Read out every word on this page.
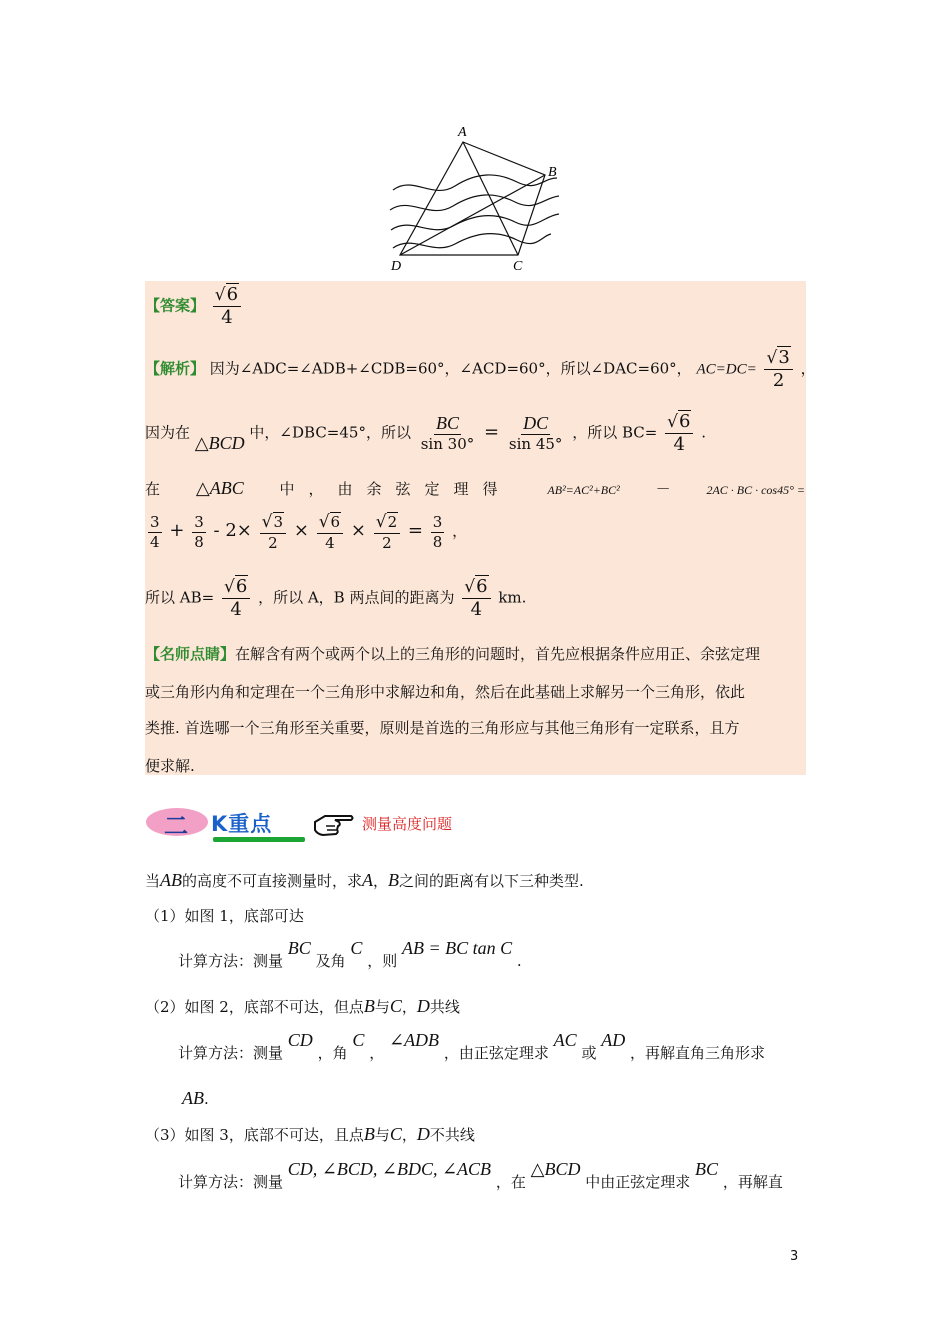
A
B
C
D
【答案】 $\frac{√6}{4}$
【解析】 因为∠ADC=∠ADB+∠CDB=60°，∠ACD=60°，所以∠DAC=60°， $AC=DC= \frac{√3}{2}$ ，
因为在 △BCD 中，∠DBC=45°，所以 $\frac{BC}{\sin 30^\circ} = \frac{DC}{\sin 45^\circ}$ ，所以 $BC= \frac{√6}{4}$ .
在 △ABC 中，由余弦定理得	AB²=AC²+BC² －	2AC · BC · cos45° =
$\frac{3}{4} + \frac{3}{8} - 2\times \frac{√3}{2} \times \frac{√6}{4} \times \frac{√2}{2} = \frac{3}{8}$ ，
所以 $AB= \frac{√6}{4}$ ，所以 A，B 两点间的距离为 $\frac{√6}{4}$ km.
【名师点睛】在解含有两个或两个以上的三角形的问题时，首先应根据条件应用正、余弦定理
或三角形内角和定理在一个三角形中求解边和角，然后在此基础上求解另一个三角形，依此
类推. 首选哪一个三角形至关重要，原则是首选的三角形应与其他三角形有一定联系，且方
便求解.
二 K重点	测量高度问题
当AB的高度不可直接测量时，求A，B之间的距离有以下三种类型.
（1）如图 1，底部可达
计算方法：测量 BC 及角 C ，则 AB = BC tan C .
（2）如图 2，底部不可达，但点B与C，D共线
计算方法：测量 CD ，角 C ， ∠ADB ，由正弦定理求 AC 或 AD ，再解直角三角形求
AB.
（3）如图 3，底部不可达，且点B与C，D不共线
计算方法：测量 CD, ∠BCD, ∠BDC, ∠ACB ，在 △BCD 中由正弦定理求 BC ，再解直
3
